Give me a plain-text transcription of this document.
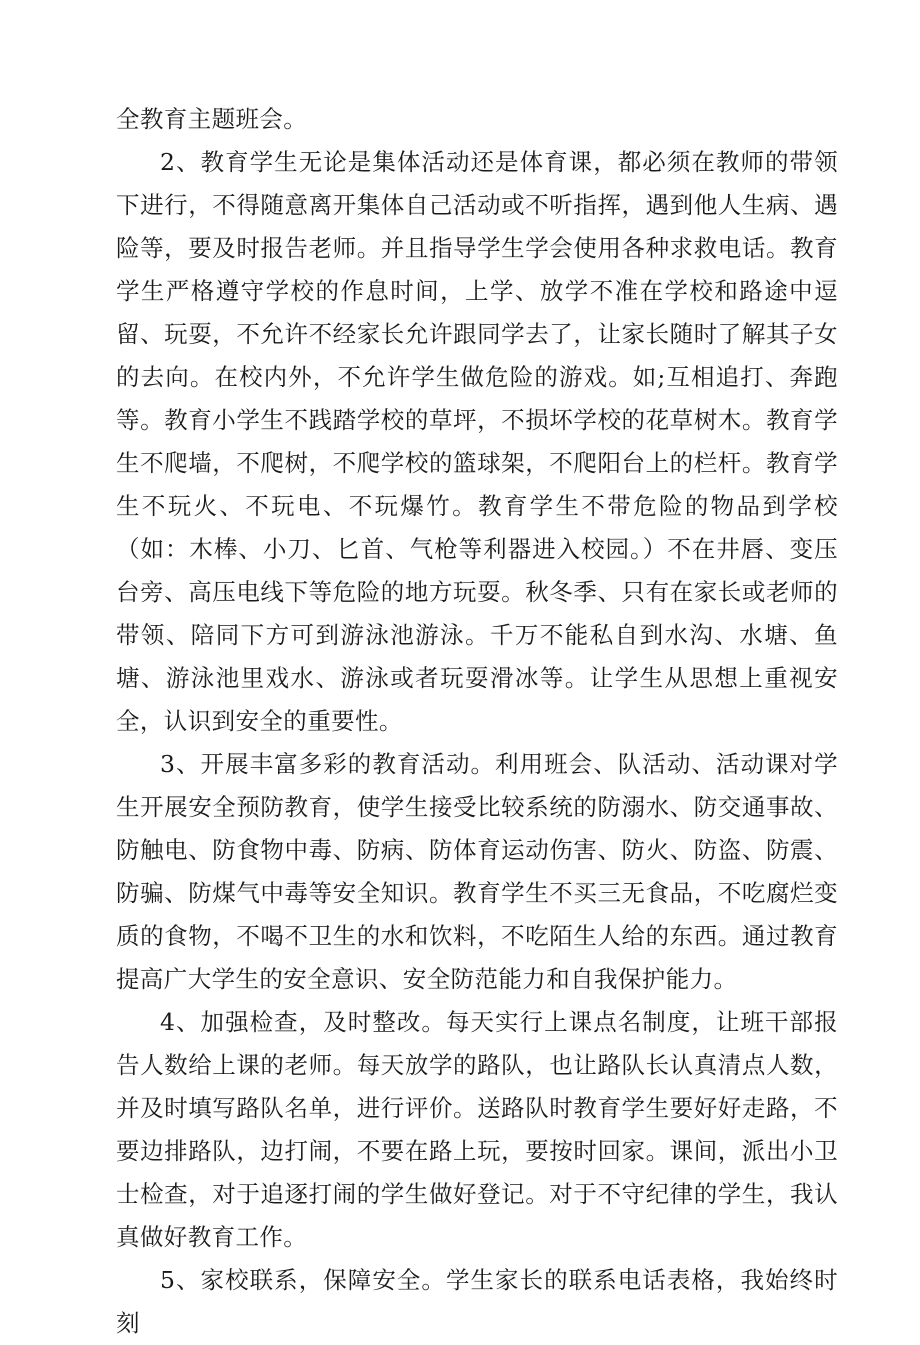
全教育主题班会。

2、教育学生无论是集体活动还是体育课，都必须在教师的带领下进行，不得随意离开集体自己活动或不听指挥，遇到他人生病、遇险等，要及时报告老师。并且指导学生学会使用各种求救电话。教育学生严格遵守学校的作息时间，上学、放学不准在学校和路途中逗留、玩耍，不允许不经家长允许跟同学去了，让家长随时了解其子女的去向。在校内外，不允许学生做危险的游戏。如;互相追打、奔跑等。教育小学生不践踏学校的草坪，不损坏学校的花草树木。教育学生不爬墙，不爬树，不爬学校的篮球架，不爬阳台上的栏杆。教育学生不玩火、不玩电、不玩爆竹。教育学生不带危险的物品到学校（如：木棒、小刀、匕首、气枪等利器进入校园。）不在井唇、变压台旁、高压电线下等危险的地方玩耍。秋冬季、只有在家长或老师的带领、陪同下方可到游泳池游泳。千万不能私自到水沟、水塘、鱼塘、游泳池里戏水、游泳或者玩耍滑冰等。让学生从思想上重视安全，认识到安全的重要性。

3、开展丰富多彩的教育活动。利用班会、队活动、活动课对学生开展安全预防教育，使学生接受比较系统的防溺水、防交通事故、防触电、防食物中毒、防病、防体育运动伤害、防火、防盗、防震、防骗、防煤气中毒等安全知识。教育学生不买三无食品，不吃腐烂变质的食物，不喝不卫生的水和饮料，不吃陌生人给的东西。通过教育提高广大学生的安全意识、安全防范能力和自我保护能力。

4、加强检查，及时整改。每天实行上课点名制度，让班干部报告人数给上课的老师。每天放学的路队，也让路队长认真清点人数，并及时填写路队名单，进行评价。送路队时教育学生要好好走路，不要边排路队，边打闹，不要在路上玩，要按时回家。课间，派出小卫士检查，对于追逐打闹的学生做好登记。对于不守纪律的学生，我认真做好教育工作。

5、家校联系，保障安全。学生家长的联系电话表格，我始终时刻
